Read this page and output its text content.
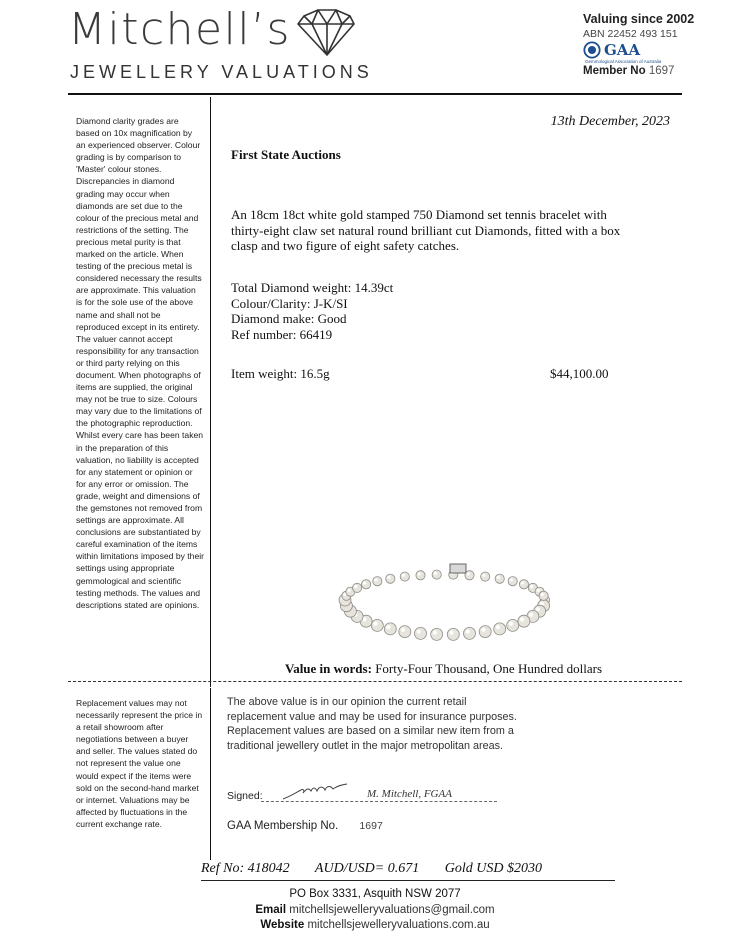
Mitchell’s
JEWELLERY VALUATIONS
Valuing since 2002
ABN 22452 493 151
GAA
Gemmological Association of Australia
Member No 1697
Diamond clarity grades are based on 10x magnification by an experienced observer. Colour grading is by comparison to 'Master' colour stones. Discrepancies in diamond grading may occur when diamonds are set due to the colour of the precious metal and restrictions of the setting. The precious metal purity is that marked on the article. When testing of the precious metal is considered necessary the results are approximate. This valuation is for the sole use of the above name and shall not be reproduced except in its entirety. The valuer cannot accept responsibility for any transaction or third party relying on this document. When photographs of items are supplied, the original may not be true to size. Colours may vary due to the limitations of the photographic reproduction. Whilst every care has been taken in the preparation of this valuation, no liability is accepted for any statement or opinion or for any error or omission. The grade, weight and dimensions of the gemstones not removed from settings are approximate. All conclusions are substantiated by careful examination of the items within limitations imposed by their settings using appropriate gemmological and scientific testing methods. The values and descriptions stated are opinions.
13th December, 2023
First State Auctions
An 18cm 18ct white gold stamped 750 Diamond set tennis bracelet with thirty-eight claw set natural round brilliant cut Diamonds, fitted with a box clasp and two figure of eight safety catches.
Total Diamond weight: 14.39ct
Colour/Clarity: J-K/SI
Diamond make: Good
Ref number: 66419
Item weight: 16.5g	$44,100.00
Value in words: Forty-Four Thousand, One Hundred dollars
Replacement values may not necessarily represent the price in a retail showroom after negotiations between a buyer and seller. The values stated do not represent the value one would expect if the items were sold on the second-hand market or internet. Valuations may be affected by fluctuations in the current exchange rate.
The above value is in our opinion the current retail replacement value and may be used for insurance purposes. Replacement values are based on a similar new item from a traditional jewellery outlet in the major metropolitan areas.
Signed:	M. Mitchell, FGAA
GAA Membership No. 1697
Ref No: 418042 AUD/USD= 0.671 Gold USD $2030
PO Box 3331, Asquith NSW 2077
Email mitchellsjewelleryvaluations@gmail.com
Website mitchellsjewelleryvaluations.com.au
